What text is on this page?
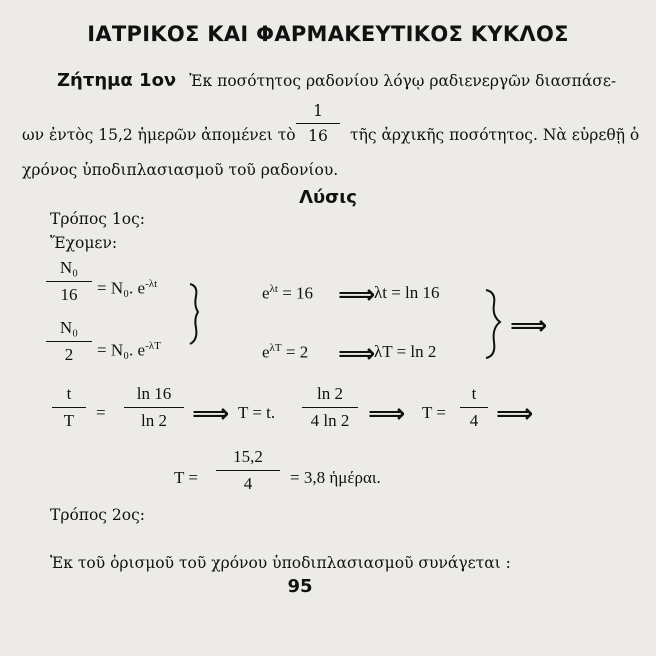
ΙΑΤΡΙΚΟΣ ΚΑΙ ΦΑΡΜΑΚΕΥΤΙΚΟΣ ΚΥΚΛΟΣ
Ζήτημα 1ον Ἐκ ποσότητος ραδονίου λόγῳ ραδιενεργῶν διασπάσε-
ων ἐντὸς 15,2 ἡμερῶν ἀπομένει τὸ
1
16	τῆς ἀρχικῆς ποσότητος. Νὰ εὑρεθῇ ὁ
χρόνος ὑποδιπλασιασμοῦ τοῦ ραδονίου.
Λύσις
Τρόπος 1ος:
Ἔχομεν:
N₀
16	= N₀. $e^{-\lambda t}$
N₀
2	= N₀. $e^{-\lambda T}$
$e^{\lambda t} = 16$ ⟹
λt = ln 16
$e^{\lambda T} = 2$ ⟹
λT = ln 2
⟹
t
T	=
ln 16
ln 2 ⟹ T = t.
ln 2
4 ln 2 ⟹ T =
t
4 ⟹
T =
15,2
4	= 3,8 ἡμέραι.
Τρόπος 2ος:
Ἐκ τοῦ ὁρισμοῦ τοῦ χρόνου ὑποδιπλασιασμοῦ συνάγεται :
95
